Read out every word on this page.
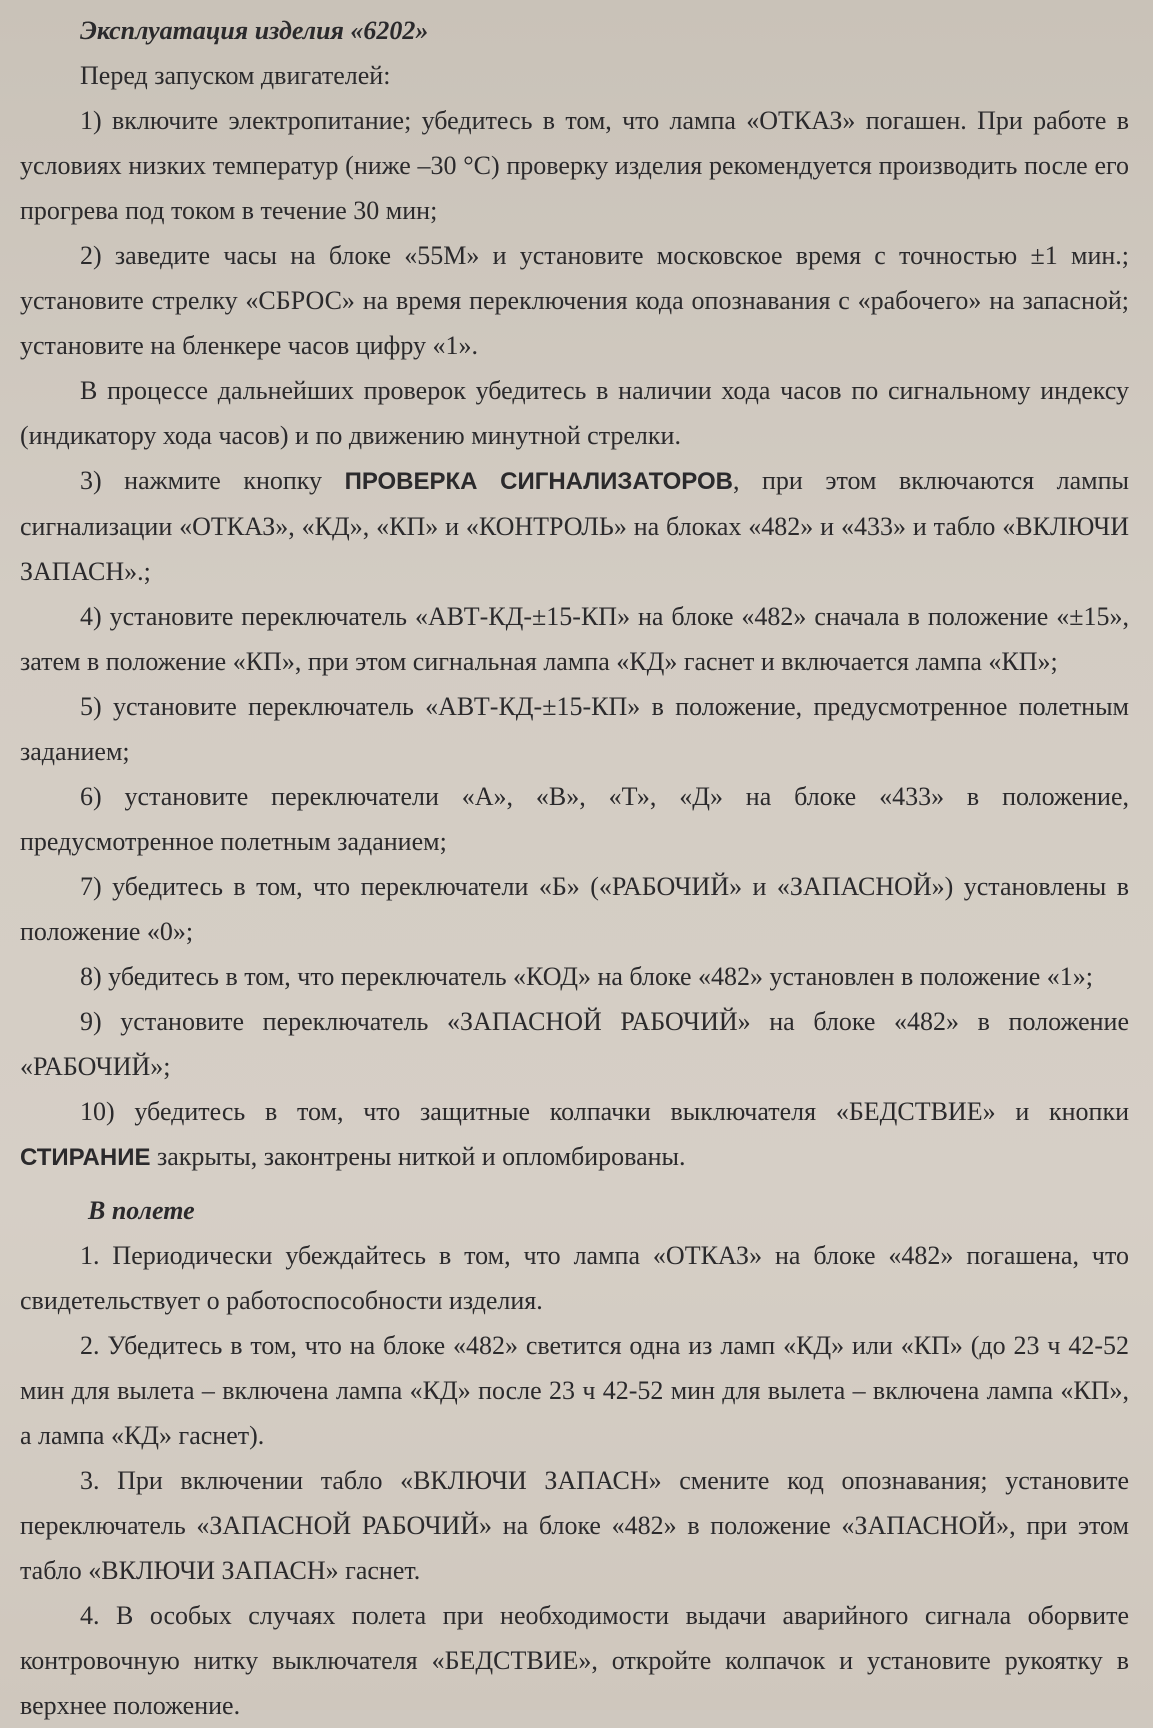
Эксплуатация изделия «6202»

Перед запуском двигателей:

1) включите электропитание; убедитесь в том, что лампа «ОТКАЗ» погашен. При работе в условиях низких температур (ниже –30 °С) проверку изделия рекомендуется производить после его прогрева под током в течение 30 мин;

2) заведите часы на блоке «55М» и установите московское время с точностью ±1 мин.; установите стрелку «СБРОС» на время переключения кода опознавания с «рабочего» на запасной; установите на бленкере часов цифру «1».

В процессе дальнейших проверок убедитесь в наличии хода часов по сигнальному индексу (индикатору хода часов) и по движению минутной стрелки.

3) нажмите кнопку ПРОВЕРКА СИГНАЛИЗАТОРОВ, при этом включаются лампы сигнализации «ОТКАЗ», «КД», «КП» и «КОНТРОЛЬ» на блоках «482» и «433» и табло «ВКЛЮЧИ ЗАПАСН».;

4) установите переключатель «АВТ-КД-±15-КП» на блоке «482» сначала в положение «±15», затем в положение «КП», при этом сигнальная лампа «КД» гаснет и включается лампа «КП»;

5) установите переключатель «АВТ-КД-±15-КП» в положение, предусмотренное полетным заданием;

6) установите переключатели «А», «В», «Т», «Д» на блоке «433» в положение, предусмотренное полетным заданием;

7) убедитесь в том, что переключатели «Б» («РАБОЧИЙ» и «ЗАПАСНОЙ») установлены в положение «0»;

8) убедитесь в том, что переключатель «КОД» на блоке «482» установлен в положение «1»;

9) установите переключатель «ЗАПАСНОЙ РАБОЧИЙ» на блоке «482» в положение «РАБОЧИЙ»;

10) убедитесь в том, что защитные колпачки выключателя «БЕДСТВИЕ» и кнопки СТИРАНИЕ закрыты, законтрены ниткой и опломбированы.

В полете

1. Периодически убеждайтесь в том, что лампа «ОТКАЗ» на блоке «482» погашена, что свидетельствует о работоспособности изделия.

2. Убедитесь в том, что на блоке «482» светится одна из ламп «КД» или «КП» (до 23 ч 42-52 мин для вылета – включена лампа «КД» после 23 ч 42-52 мин для вылета – включена лампа «КП», а лампа «КД» гаснет).

3. При включении табло «ВКЛЮЧИ ЗАПАСН» смените код опознавания; установите переключатель «ЗАПАСНОЙ РАБОЧИЙ» на блоке «482» в положение «ЗАПАСНОЙ», при этом табло «ВКЛЮЧИ ЗАПАСН» гаснет.

4. В особых случаях полета при необходимости выдачи аварийного сигнала оборвите контровочную нитку выключателя «БЕДСТВИЕ», откройте колпачок и установите рукоятку в верхнее положение.
